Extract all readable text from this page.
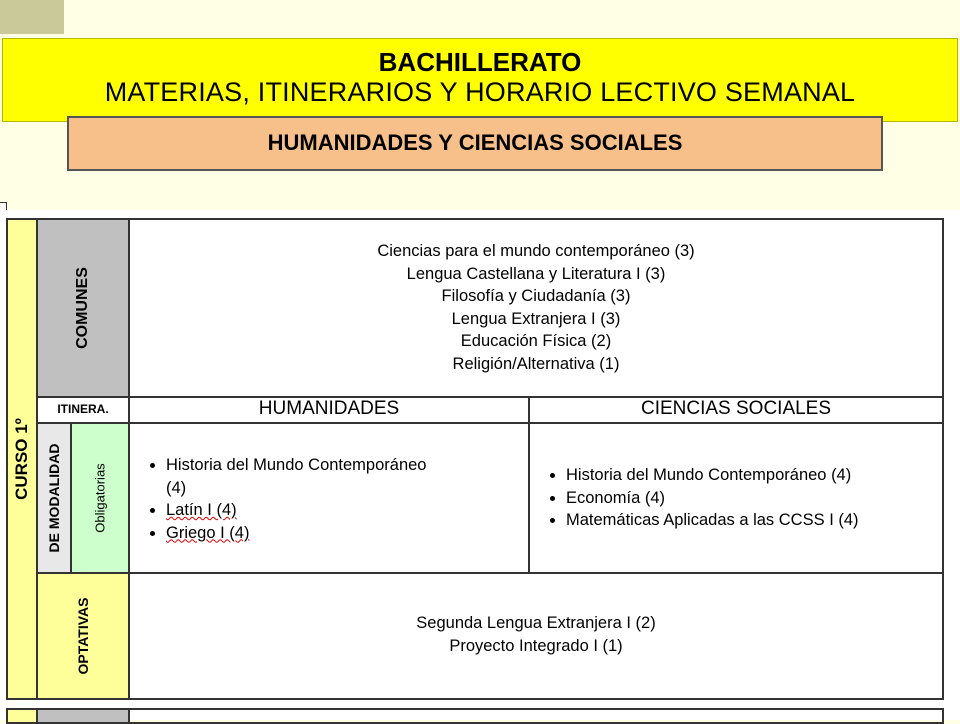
BACHILLERATO
MATERIAS, ITINERARIOS Y HORARIO LECTIVO SEMANAL
HUMANIDADES Y CIENCIAS SOCIALES
CURSO 1º
COMUNES
Ciencias para el mundo contemporáneo (3)
Lengua Castellana y Literatura I (3)
Filosofía y Ciudadanía (3)
Lengua Extranjera I (3)
Educación Física (2)
Religión/Alternativa (1)
ITINERA.	HUMANIDADES	CIENCIAS SOCIALES
DE MODALIDAD Obligatorias
•	Historia del Mundo Contemporáneo
(4)
• Latín I (4)
• Griego I (4)
• Historia del Mundo Contemporáneo (4)
• Economía (4)
• Matemáticas Aplicadas a las CCSS I (4)
OPTATIVAS	Segunda Lengua Extranjera I (2)
Proyecto Integrado I (1)
